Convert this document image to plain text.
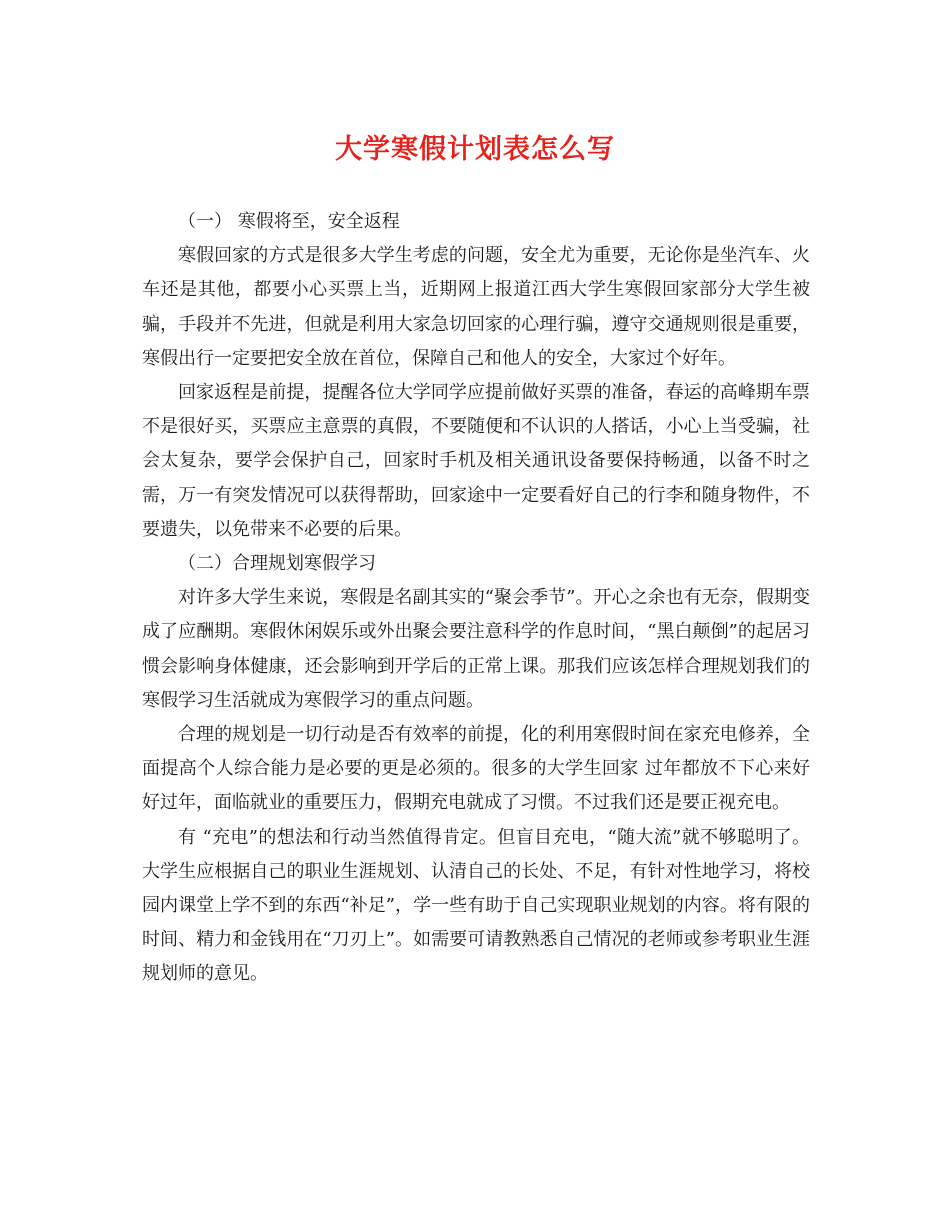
大学寒假计划表怎么写

（一） 寒假将至，安全返程

寒假回家的方式是很多大学生考虑的问题，安全尤为重要，无论你是坐汽车、火车还是其他，都要小心买票上当，近期网上报道江西大学生寒假回家部分大学生被骗，手段并不先进，但就是利用大家急切回家的心理行骗，遵守交通规则很是重要，寒假出行一定要把安全放在首位，保障自己和他人的安全，大家过个好年。

回家返程是前提，提醒各位大学同学应提前做好买票的准备，春运的高峰期车票不是很好买，买票应主意票的真假，不要随便和不认识的人搭话，小心上当受骗，社会太复杂，要学会保护自己，回家时手机及相关通讯设备要保持畅通，以备不时之需，万一有突发情况可以获得帮助，回家途中一定要看好自己的行李和随身物件，不要遗失，以免带来不必要的后果。

（二）合理规划寒假学习

对许多大学生来说，寒假是名副其实的“聚会季节”。开心之余也有无奈，假期变成了应酬期。寒假休闲娱乐或外出聚会要注意科学的作息时间，“黑白颠倒”的起居习惯会影响身体健康，还会影响到开学后的正常上课。那我们应该怎样合理规划我们的寒假学习生活就成为寒假学习的重点问题。

合理的规划是一切行动是否有效率的前提，化的利用寒假时间在家充电修养，全面提高个人综合能力是必要的更是必须的。很多的大学生回家 过年都放不下心来好好过年，面临就业的重要压力，假期充电就成了习惯。不过我们还是要正视充电。

有 “充电”的想法和行动当然值得肯定。但盲目充电，“随大流”就不够聪明了。大学生应根据自己的职业生涯规划、认清自己的长处、不足，有针对性地学习，将校园内课堂上学不到的东西“补足”，学一些有助于自己实现职业规划的内容。将有限的时间、精力和金钱用在“刀刃上”。如需要可请教熟悉自己情况的老师或参考职业生涯规划师的意见。
